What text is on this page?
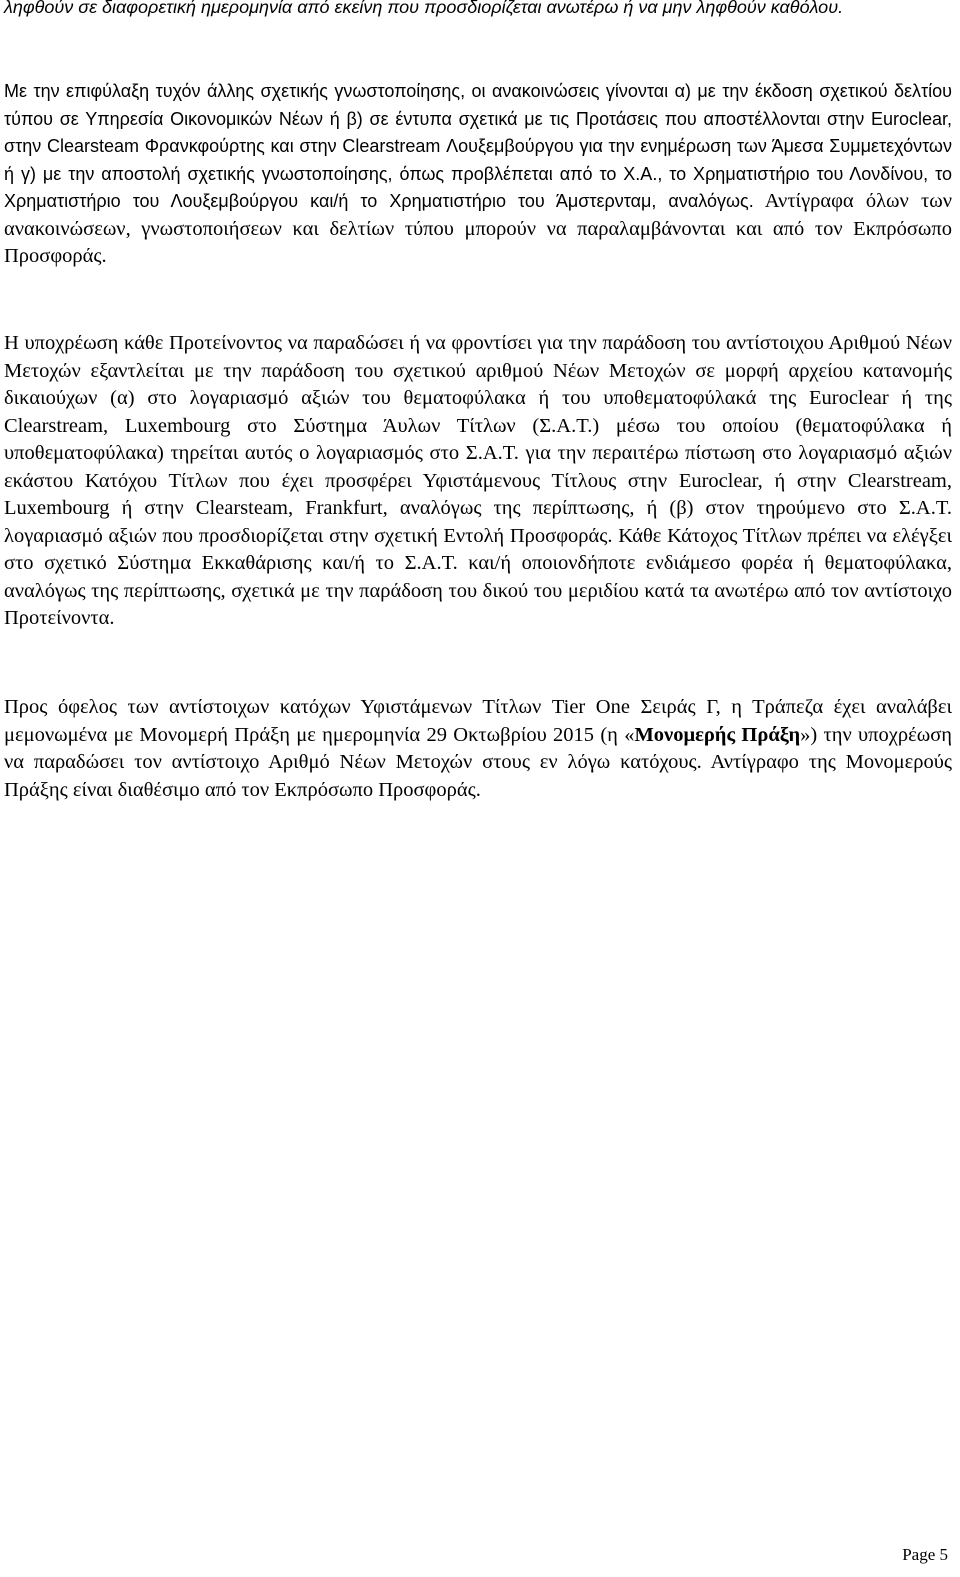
ληφθούν σε διαφορετική ημερομηνία από εκείνη που προσδιορίζεται ανωτέρω ή να μην ληφθούν καθόλου.

Με την επιφύλαξη τυχόν άλλης σχετικής γνωστοποίησης, οι ανακοινώσεις γίνονται α) με την έκδοση σχετικού δελτίου τύπου σε Υπηρεσία Οικονομικών Νέων ή β) σε έντυπα σχετικά με τις Προτάσεις που αποστέλλονται στην Euroclear, στην Clearsteam Φρανκφούρτης και στην Clearstream Λουξεμβούργου για την ενημέρωση των Άμεσα Συμμετεχόντων ή γ) με την αποστολή σχετικής γνωστοποίησης, όπως προβλέπεται από το Χ.Α., το Χρηματιστήριο του Λονδίνου, το Χρηματιστήριο του Λουξεμβούργου και/ή το Χρηματιστήριο του Άμστερνταμ, αναλόγως. Αντίγραφα όλων των ανακοινώσεων, γνωστοποιήσεων και δελτίων τύπου μπορούν να παραλαμβάνονται και από τον Εκπρόσωπο Προσφοράς.

Η υποχρέωση κάθε Προτείνοντος να παραδώσει ή να φροντίσει για την παράδοση του αντίστοιχου Αριθμού Νέων Μετοχών εξαντλείται με την παράδοση του σχετικού αριθμού Νέων Μετοχών σε μορφή αρχείου κατανομής δικαιούχων (α) στο λογαριασμό αξιών του θεματοφύλακα ή του υποθεματοφύλακά της Euroclear ή της Clearstream, Luxembourg στο Σύστημα Άυλων Τίτλων (Σ.Α.Τ.) μέσω του οποίου (θεματοφύλακα ή υποθεματοφύλακα) τηρείται αυτός ο λογαριασμός στο Σ.Α.Τ. για την περαιτέρω πίστωση στο λογαριασμό αξιών εκάστου Κατόχου Τίτλων που έχει προσφέρει Υφιστάμενους Τίτλους στην Euroclear, ή στην Clearstream, Luxembourg ή στην Clearsteam, Frankfurt, αναλόγως της περίπτωσης, ή (β) στον τηρούμενο στο Σ.Α.Τ. λογαριασμό αξιών που προσδιορίζεται στην σχετική Εντολή Προσφοράς. Κάθε Κάτοχος Τίτλων πρέπει να ελέγξει στο σχετικό Σύστημα Εκκαθάρισης και/ή το Σ.Α.Τ. και/ή οποιονδήποτε ενδιάμεσο φορέα ή θεματοφύλακα, αναλόγως της περίπτωσης, σχετικά με την παράδοση του δικού του μεριδίου κατά τα ανωτέρω από τον αντίστοιχο Προτείνοντα.

Προς όφελος των αντίστοιχων κατόχων Υφιστάμενων Τίτλων Tier One Σειράς Γ, η Τράπεζα έχει αναλάβει μεμονωμένα με Μονομερή Πράξη με ημερομηνία 29 Οκτωβρίου 2015 (η «Μονομερής Πράξη») την υποχρέωση να παραδώσει τον αντίστοιχο Αριθμό Νέων Μετοχών στους εν λόγω κατόχους. Αντίγραφο της Μονομερούς Πράξης είναι διαθέσιμο από τον Εκπρόσωπο Προσφοράς.

Page 5
